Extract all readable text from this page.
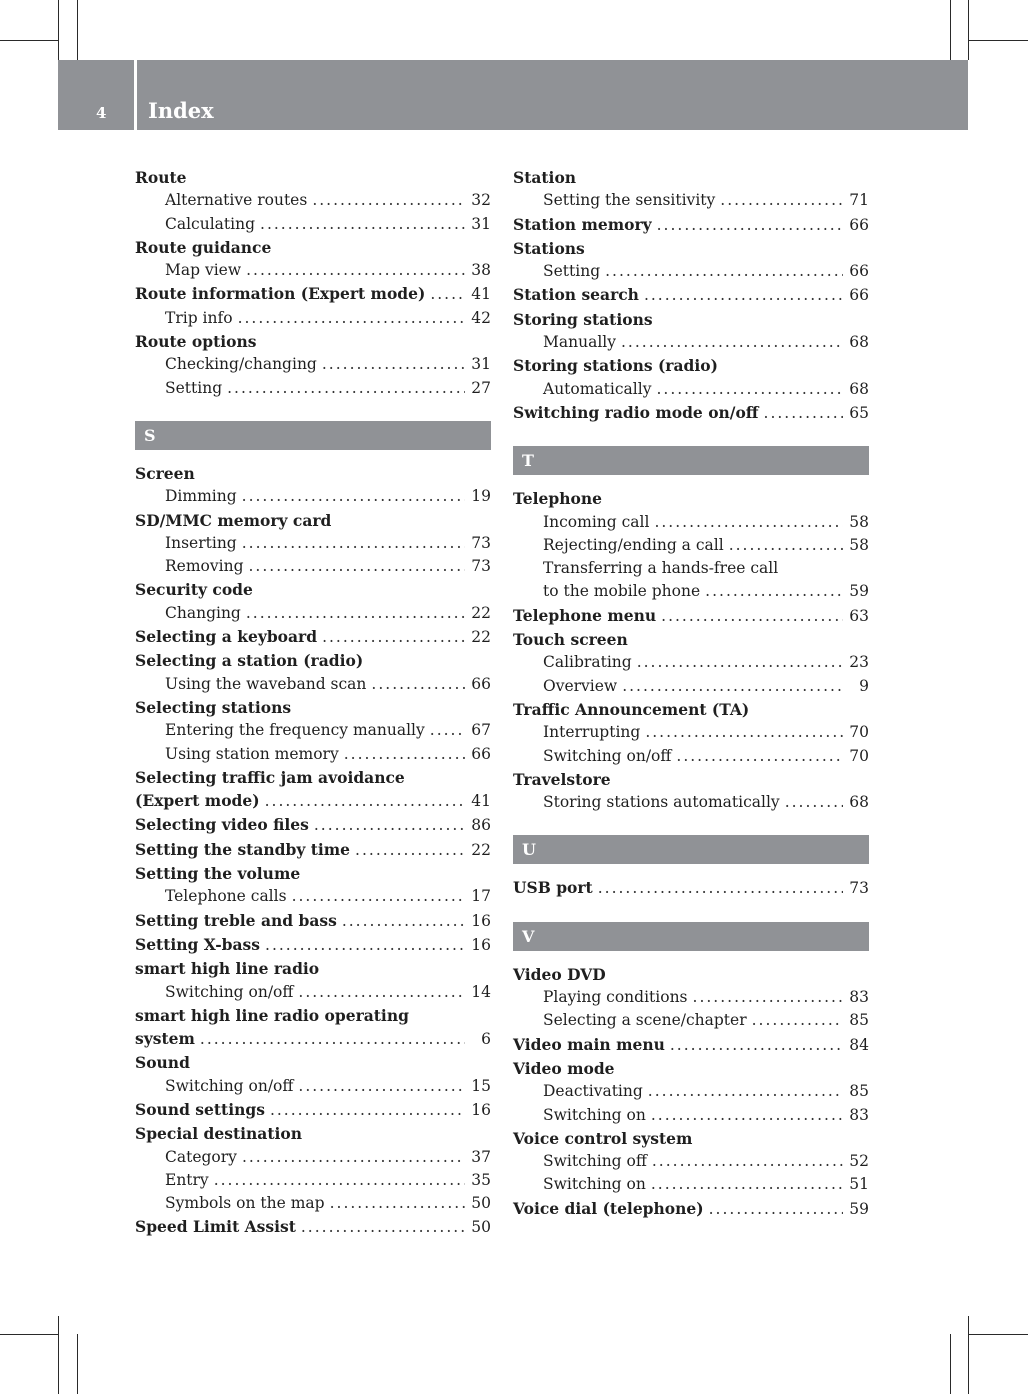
4 Index
Route
Alternative routes .....	32
Calculating .....	31
Route guidance
Map view .....	38
Route information (Expert mode) .....	41
Trip info .....	42
Route options
Checking/changing .....	31
Setting .....	27
S
Screen
Dimming .....	19
SD/MMC memory card
Inserting .....	73
Removing .....	73
Security code
Changing .....	22
Selecting a keyboard .....	22
Selecting a station (radio)
Using the waveband scan .....	66
Selecting stations
Entering the frequency manually .....	67
Using station memory .....	66
Selecting traffic jam avoidance
(Expert mode) .....	41
Selecting video files .....	86
Setting the standby time .....	22
Setting the volume
Telephone calls .....	17
Setting treble and bass .....	16
Setting X-bass .....	16
smart high line radio
Switching on/off .....	14
smart high line radio operating
system .....	6
Sound
Switching on/off .....	15
Sound settings .....	16
Special destination
Category .....	37
Entry .....	35
Symbols on the map .....	50
Speed Limit Assist .....	50
Station
Setting the sensitivity .....	71
Station memory .....	66
Stations
Setting .....	66
Station search .....	66
Storing stations
Manually .....	68
Storing stations (radio)
Automatically .....	68
Switching radio mode on/off .....	65
T
Telephone
Incoming call .....	58
Rejecting/ending a call .....	58
Transferring a hands-free call
to the mobile phone .....	59
Telephone menu .....	63
Touch screen
Calibrating .....	23
Overview .....	9
Traffic Announcement (TA)
Interrupting .....	70
Switching on/off .....	70
Travelstore
Storing stations automatically .....	68
U
USB port .....	73
V
Video DVD
Playing conditions .....	83
Selecting a scene/chapter .....	85
Video main menu .....	84
Video mode
Deactivating .....	85
Switching on .....	83
Voice control system
Switching off .....	52
Switching on .....	51
Voice dial (telephone) .....	59
